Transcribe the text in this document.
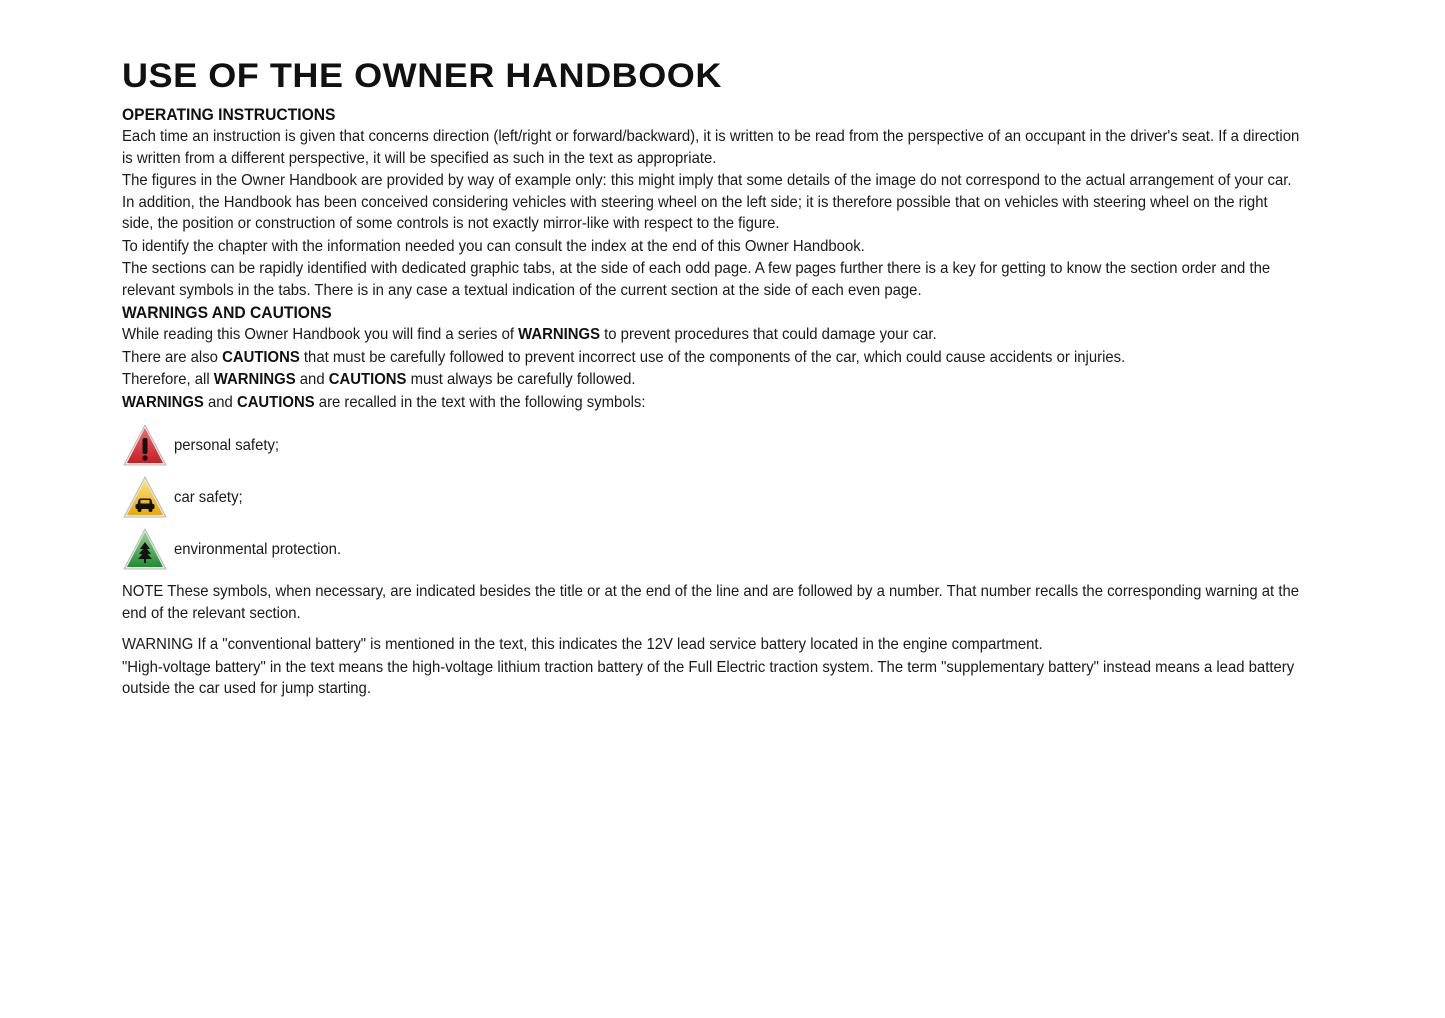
USE OF THE OWNER HANDBOOK
OPERATING INSTRUCTIONS

Each time an instruction is given that concerns direction (left/right or forward/backward), it is written to be read from the perspective of an occupant in the driver's seat. If a direction is written from a different perspective, it will be specified as such in the text as appropriate.

The figures in the Owner Handbook are provided by way of example only: this might imply that some details of the image do not correspond to the actual arrangement of your car. In addition, the Handbook has been conceived considering vehicles with steering wheel on the left side; it is therefore possible that on vehicles with steering wheel on the right side, the position or construction of some controls is not exactly mirror-like with respect to the figure.

To identify the chapter with the information needed you can consult the index at the end of this Owner Handbook.

The sections can be rapidly identified with dedicated graphic tabs, at the side of each odd page. A few pages further there is a key for getting to know the section order and the relevant symbols in the tabs. There is in any case a textual indication of the current section at the side of each even page.

WARNINGS AND CAUTIONS

While reading this Owner Handbook you will find a series of WARNINGS to prevent procedures that could damage your car.

There are also CAUTIONS that must be carefully followed to prevent incorrect use of the components of the car, which could cause accidents or injuries.

Therefore, all WARNINGS and CAUTIONS must always be carefully followed.

WARNINGS and CAUTIONS are recalled in the text with the following symbols:

personal safety;
car safety;
environmental protection.

NOTE These symbols, when necessary, are indicated besides the title or at the end of the line and are followed by a number. That number recalls the corresponding warning at the end of the relevant section.

WARNING If a "conventional battery" is mentioned in the text, this indicates the 12V lead service battery located in the engine compartment.

"High-voltage battery" in the text means the high-voltage lithium traction battery of the Full Electric traction system. The term "supplementary battery" instead means a lead battery outside the car used for jump starting.
